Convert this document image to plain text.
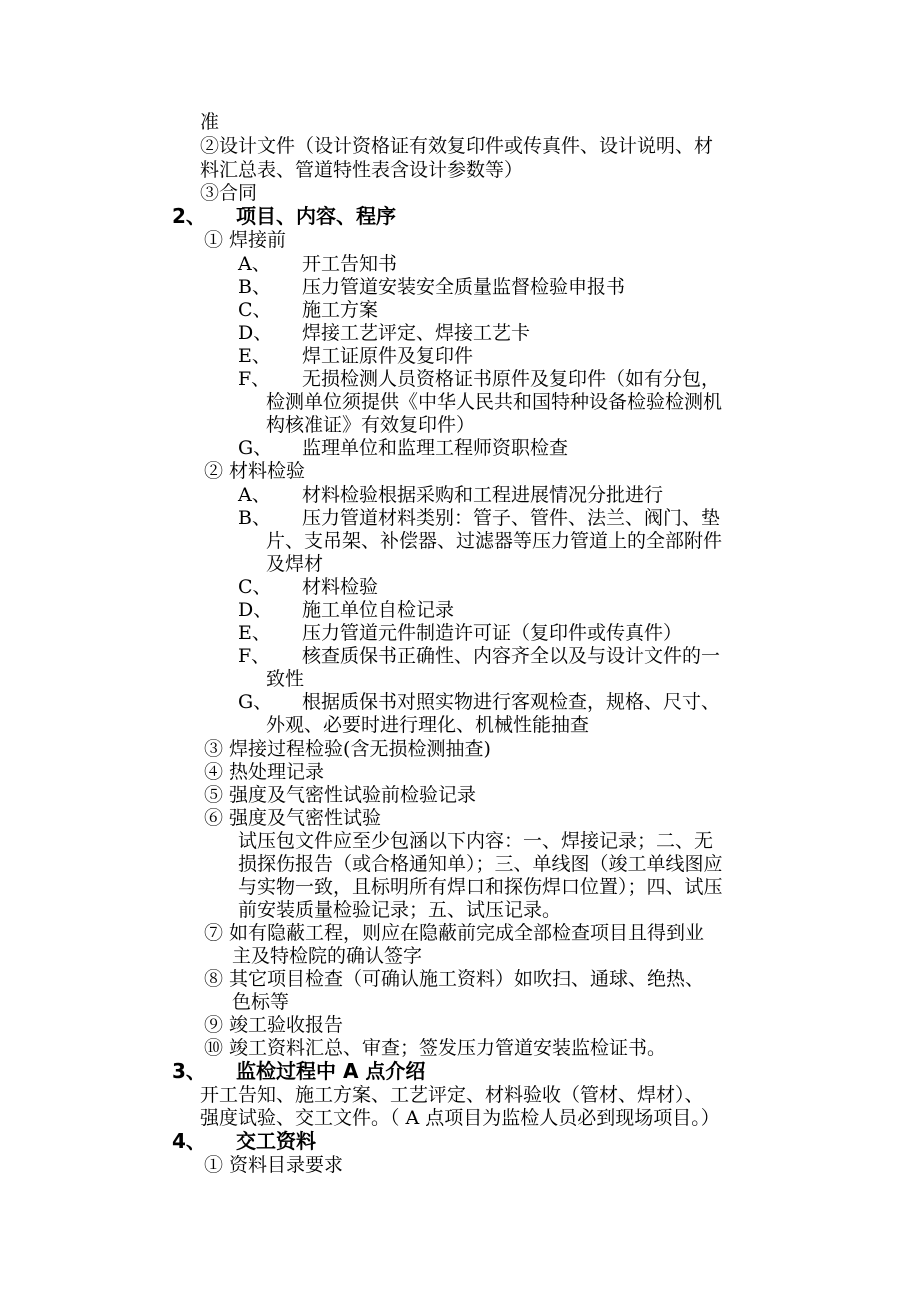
准
②设计文件（设计资格证有效复印件或传真件、设计说明、材
料汇总表、管道特性表含设计参数等）
③合同
2、 项目、内容、程序
① 焊接前
A、 开工告知书
B、 压力管道安装安全质量监督检验申报书
C、 施工方案
D、 焊接工艺评定、焊接工艺卡
E、 焊工证原件及复印件
F、 无损检测人员资格证书原件及复印件（如有分包，
检测单位须提供《中华人民共和国特种设备检验检测机
构核准证》有效复印件）
G、 监理单位和监理工程师资职检查
② 材料检验
A、 材料检验根据采购和工程进展情况分批进行
B、 压力管道材料类别：管子、管件、法兰、阀门、垫
片、支吊架、补偿器、过滤器等压力管道上的全部附件
及焊材
C、 材料检验
D、 施工单位自检记录
E、 压力管道元件制造许可证（复印件或传真件）
F、 核查质保书正确性、内容齐全以及与设计文件的一
致性
G、 根据质保书对照实物进行客观检查，规格、尺寸、
外观、必要时进行理化、机械性能抽查
③ 焊接过程检验(含无损检测抽查)
④ 热处理记录
⑤ 强度及气密性试验前检验记录
⑥ 强度及气密性试验
试压包文件应至少包涵以下内容：一、焊接记录；二、无
损探伤报告（或合格通知单）；三、单线图（竣工单线图应
与实物一致，且标明所有焊口和探伤焊口位置）；四、试压
前安装质量检验记录；五、试压记录。
⑦ 如有隐蔽工程，则应在隐蔽前完成全部检查项目且得到业
主及特检院的确认签字
⑧ 其它项目检查（可确认施工资料）如吹扫、通球、绝热、
色标等
⑨ 竣工验收报告
⑩ 竣工资料汇总、审查；签发压力管道安装监检证书。
3、 监检过程中 A 点介绍
开工告知、施工方案、工艺评定、材料验收（管材、焊材）、
强度试验、交工文件。（ A 点项目为监检人员必到现场项目。）
4、 交工资料
① 资料目录要求
